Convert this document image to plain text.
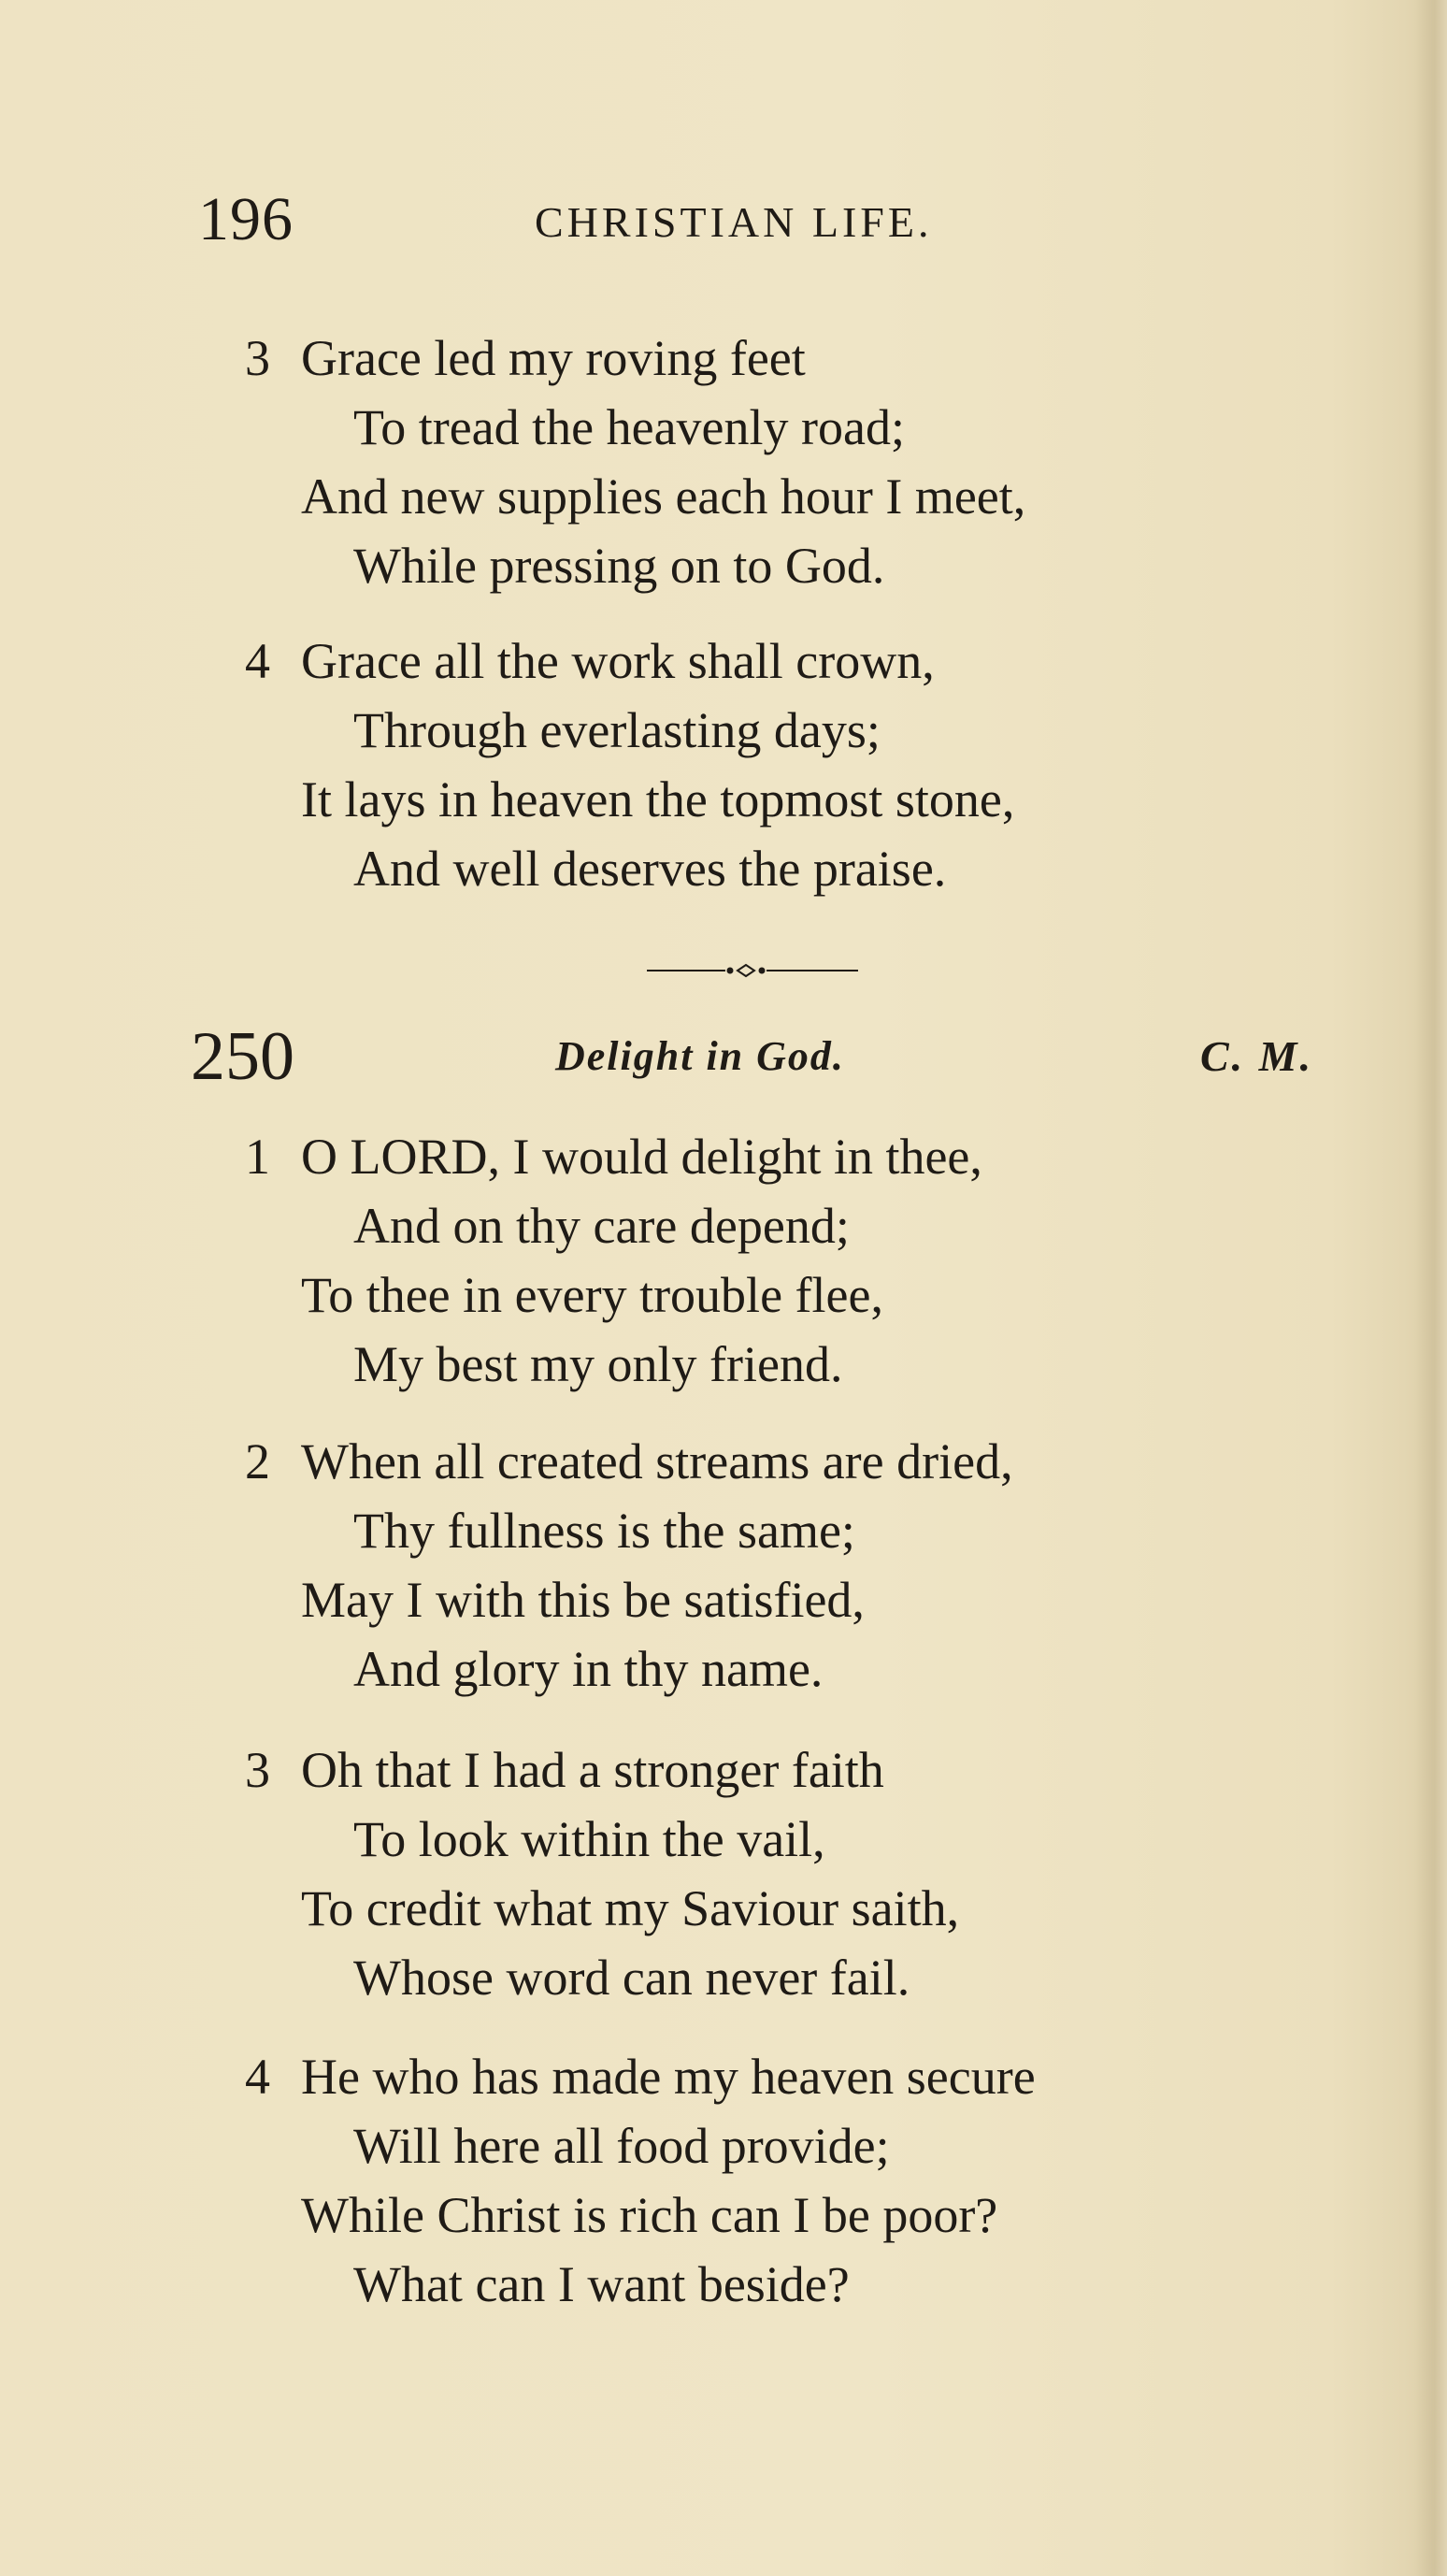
196	CHRISTIAN LIFE.
3 Grace led my roving feet
To tread the heavenly road;
And new supplies each hour I meet,
While pressing on to God.
4 Grace all the work shall crown,
Through everlasting days;
It lays in heaven the topmost stone,
And well deserves the praise.
250	Delight in God.	C. M.
1 O LORD, I would delight in thee,
And on thy care depend;
To thee in every trouble flee,
My best my only friend.
2 When all created streams are dried,
Thy fullness is the same;
May I with this be satisfied,
And glory in thy name.
3 Oh that I had a stronger faith
To look within the vail,
To credit what my Saviour saith,
Whose word can never fail.
4 He who has made my heaven secure
Will here all food provide;
While Christ is rich can I be poor?
What can I want beside?
